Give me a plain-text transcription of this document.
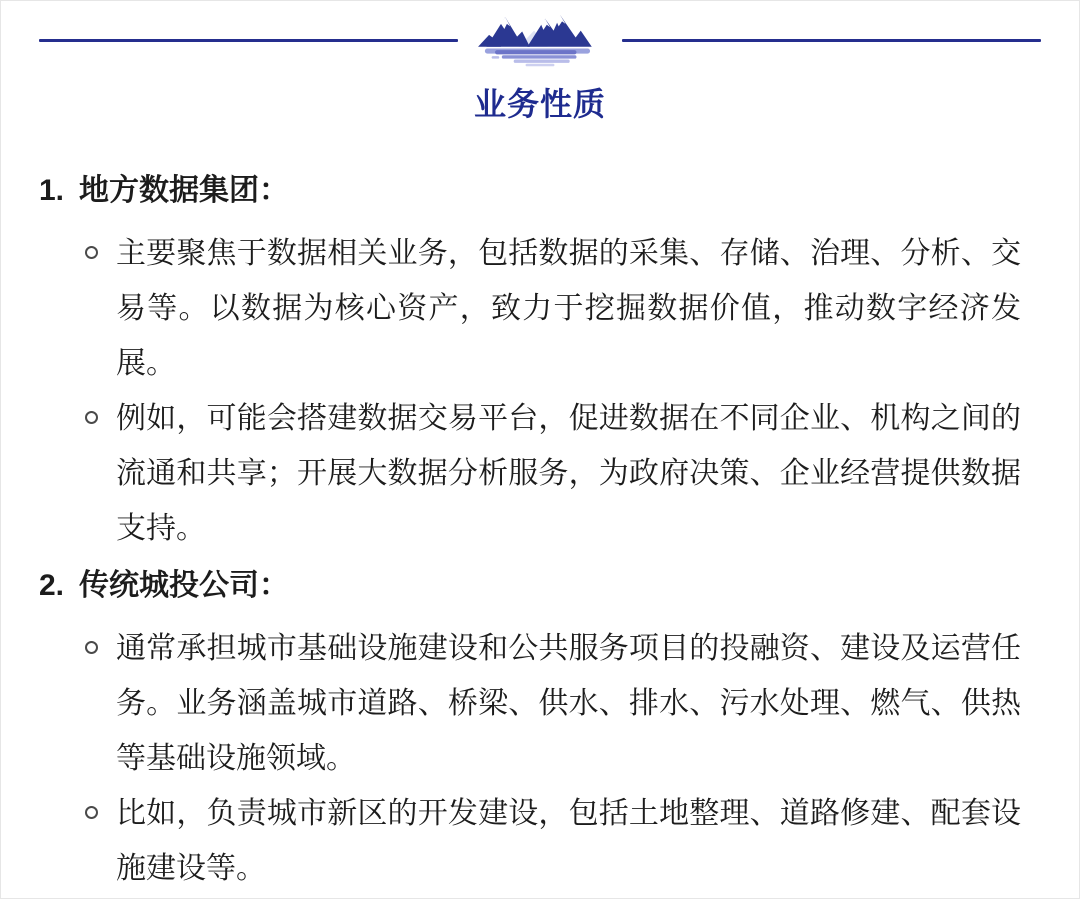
业务性质
1. 地方数据集团：
主要聚焦于数据相关业务，包括数据的采集、存储、治理、分析、交易等。以数据为核心资产，致力于挖掘数据价值，推动数字经济发展。
例如，可能会搭建数据交易平台，促进数据在不同企业、机构之间的流通和共享；开展大数据分析服务，为政府决策、企业经营提供数据支持。
2. 传统城投公司：
通常承担城市基础设施建设和公共服务项目的投融资、建设及运营任务。业务涵盖城市道路、桥梁、供水、排水、污水处理、燃气、供热等基础设施领域。
比如，负责城市新区的开发建设，包括土地整理、道路修建、配套设施建设等。
